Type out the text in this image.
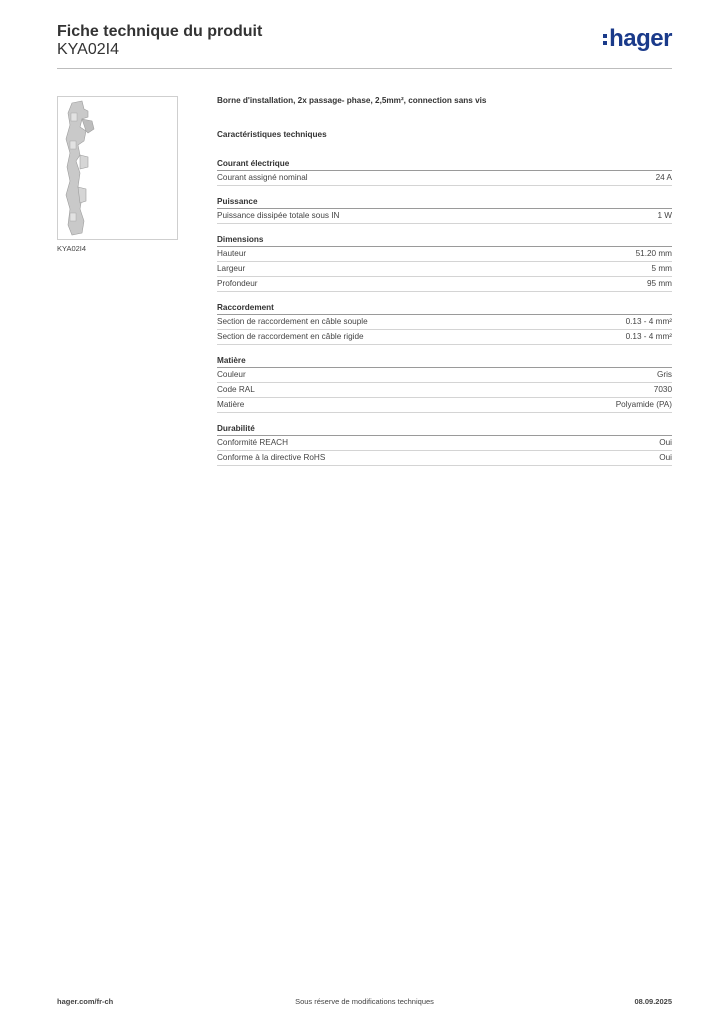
Fiche technique du produit
KYA02I4	hager
KYA02I4

Borne d'installation, 2x passage- phase, 2,5mm², connection sans vis

Caractéristiques techniques
Courant électrique
Courant assigné nominal	24 A
Puissance
Puissance dissipée totale sous IN	1 W
Dimensions
Hauteur	51.20 mm
Largeur	5 mm
Profondeur	95 mm
Raccordement
Section de raccordement en câble souple	0.13 - 4 mm²
Section de raccordement en câble rigide	0.13 - 4 mm²
Matière
Couleur	Gris
Code RAL	7030
Matière	Polyamide (PA)
Durabilité
Conformité REACH	Oui
Conforme à la directive RoHS	Oui
hager.com/fr-ch	Sous réserve de modifications techniques	08.09.2025
